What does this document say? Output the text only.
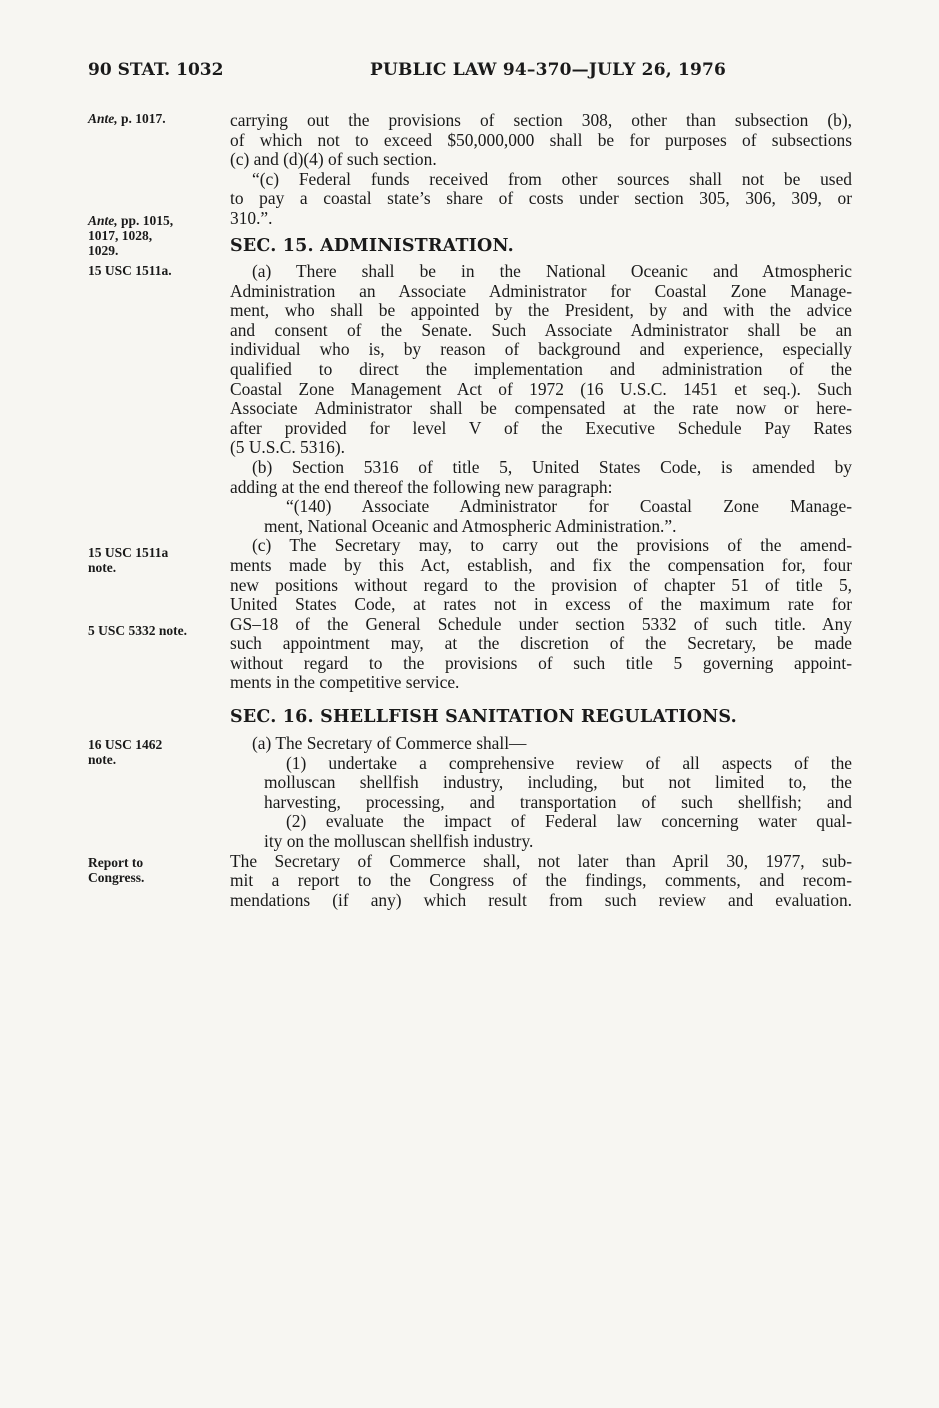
90 STAT. 1032	PUBLIC LAW 94–370—JULY 26, 1976
Ante, p. 1017.
Ante, pp. 1015,
1017, 1028,
1029.
15 USC 1511a.
15 USC 1511a
note.
5 USC 5332 note.
16 USC 1462
note.
Report to
Congress.
carrying out the provisions of section 308, other than subsection (b),
of which not to exceed $50,000,000 shall be for purposes of subsections
(c) and (d)(4) of such section.
“(c) Federal funds received from other sources shall not be used
to pay a coastal state’s share of costs under section 305, 306, 309, or
310.”.
SEC. 15. ADMINISTRATION.
(a) There shall be in the National Oceanic and Atmospheric
Administration an Associate Administrator for Coastal Zone Manage-
ment, who shall be appointed by the President, by and with the advice
and consent of the Senate. Such Associate Administrator shall be an
individual who is, by reason of background and experience, especially
qualified to direct the implementation and administration of the
Coastal Zone Management Act of 1972 (16 U.S.C. 1451 et seq.). Such
Associate Administrator shall be compensated at the rate now or here-
after provided for level V of the Executive Schedule Pay Rates
(5 U.S.C. 5316).
(b) Section 5316 of title 5, United States Code, is amended by
adding at the end thereof the following new paragraph:
“(140) Associate Administrator for Coastal Zone Manage-
ment, National Oceanic and Atmospheric Administration.”.
(c) The Secretary may, to carry out the provisions of the amend-
ments made by this Act, establish, and fix the compensation for, four
new positions without regard to the provision of chapter 51 of title 5,
United States Code, at rates not in excess of the maximum rate for
GS–18 of the General Schedule under section 5332 of such title. Any
such appointment may, at the discretion of the Secretary, be made
without regard to the provisions of such title 5 governing appoint-
ments in the competitive service.
SEC. 16. SHELLFISH SANITATION REGULATIONS.
(a) The Secretary of Commerce shall—
(1) undertake a comprehensive review of all aspects of the
molluscan shellfish industry, including, but not limited to, the
harvesting, processing, and transportation of such shellfish; and
(2) evaluate the impact of Federal law concerning water qual-
ity on the molluscan shellfish industry.
The Secretary of Commerce shall, not later than April 30, 1977, sub-
mit a report to the Congress of the findings, comments, and recom-
mendations (if any) which result from such review and evaluation.
